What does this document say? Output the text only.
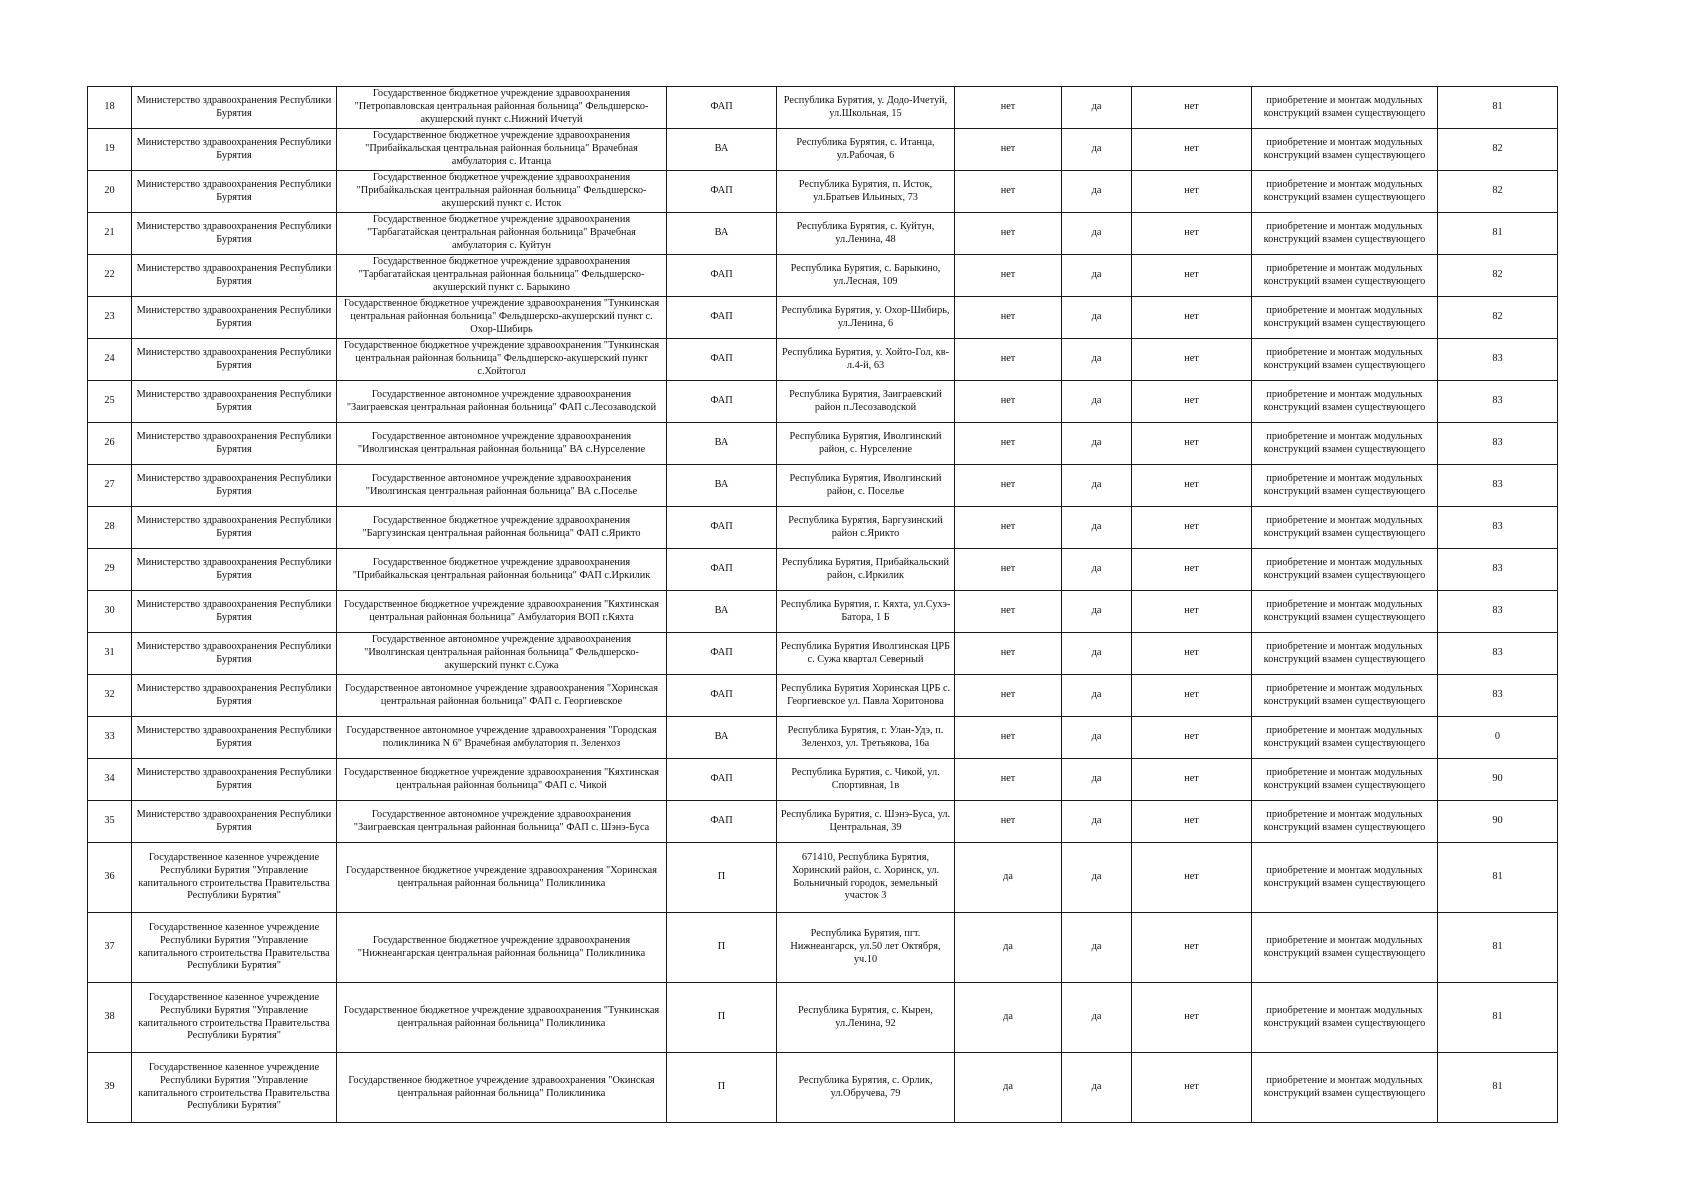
18	Министерство здравоохранения Республики Бурятия	Государственное бюджетное учреждение здравоохранения "Петропавловская центральная районная больница" Фельдшерско-акушерский пункт с.Нижний Ичетуй	ФАП	Республика Бурятия, у. Додо-Ичетуй, ул.Школьная, 15	нет	да	нет	приобретение и монтаж модульных конструкций взамен существующего	81
19	Министерство здравоохранения Республики Бурятия	Государственное бюджетное учреждение здравоохранения "Прибайкальская центральная районная больница" Врачебная амбулатория с. Итанца	ВА	Республика Бурятия, с. Итанца, ул.Рабочая, 6	нет	да	нет	приобретение и монтаж модульных конструкций взамен существующего	82
20	Министерство здравоохранения Республики Бурятия	Государственное бюджетное учреждение здравоохранения "Прибайкальская центральная районная больница" Фельдшерско-акушерский пункт с. Исток	ФАП	Республика Бурятия, п. Исток, ул.Братьев Ильиных, 73	нет	да	нет	приобретение и монтаж модульных конструкций взамен существующего	82
21	Министерство здравоохранения Республики Бурятия	Государственное бюджетное учреждение здравоохранения "Тарбагатайская центральная районная больница" Врачебная амбулатория с. Куйтун	ВА	Республика Бурятия, с. Куйтун, ул.Ленина, 48	нет	да	нет	приобретение и монтаж модульных конструкций взамен существующего	81
22	Министерство здравоохранения Республики Бурятия	Государственное бюджетное учреждение здравоохранения "Тарбагатайская центральная районная больница" Фельдшерско-акушерский пункт с. Барыкино	ФАП	Республика Бурятия, с. Барыкино, ул.Лесная, 109	нет	да	нет	приобретение и монтаж модульных конструкций взамен существующего	82
23	Министерство здравоохранения Республики Бурятия	Государственное бюджетное учреждение здравоохранения "Тункинская центральная районная больница" Фельдшерско-акушерский пункт с. Охор-Шибирь	ФАП	Республика Бурятия, у. Охор-Шибирь, ул.Ленина, 6	нет	да	нет	приобретение и монтаж модульных конструкций взамен существующего	82
24	Министерство здравоохранения Республики Бурятия	Государственное бюджетное учреждение здравоохранения "Тункинская центральная районная больница" Фельдшерско-акушерский пункт с.Хойтогол	ФАП	Республика Бурятия, у. Хойто-Гол, кв-л.4-й, 63	нет	да	нет	приобретение и монтаж модульных конструкций взамен существующего	83
25	Министерство здравоохранения Республики Бурятия	Государственное автономное учреждение здравоохранения "Заиграевская центральная районная больница" ФАП с.Лесозаводской	ФАП	Республика Бурятия, Заиграевский район п.Лесозаводской	нет	да	нет	приобретение и монтаж модульных конструкций взамен существующего	83
26	Министерство здравоохранения Республики Бурятия	Государственное автономное учреждение здравоохранения "Иволгинская центральная районная больница" ВА с.Нурселение	ВА	Республика Бурятия, Иволгинский район, с. Нурселение	нет	да	нет	приобретение и монтаж модульных конструкций взамен существующего	83
27	Министерство здравоохранения Республики Бурятия	Государственное автономное учреждение здравоохранения "Иволгинская центральная районная больница" ВА с.Поселье	ВА	Республика Бурятия, Иволгинский район, с. Поселье	нет	да	нет	приобретение и монтаж модульных конструкций взамен существующего	83
28	Министерство здравоохранения Республики Бурятия	Государственное бюджетное учреждение здравоохранения "Баргузинская центральная районная больница" ФАП с.Ярикто	ФАП	Республика Бурятия, Баргузинский район с.Ярикто	нет	да	нет	приобретение и монтаж модульных конструкций взамен существующего	83
29	Министерство здравоохранения Республики Бурятия	Государственное бюджетное учреждение здравоохранения "Прибайкальская центральная районная больница" ФАП с.Иркилик	ФАП	Республика Бурятия, Прибайкальский район, с.Иркилик	нет	да	нет	приобретение и монтаж модульных конструкций взамен существующего	83
30	Министерство здравоохранения Республики Бурятия	Государственное бюджетное учреждение здравоохранения "Кяхтинская центральная районная больница" Амбулатория ВОП г.Кяхта	ВА	Республика Бурятия, г. Кяхта, ул.Сухэ-Батора, 1 Б	нет	да	нет	приобретение и монтаж модульных конструкций взамен существующего	83
31	Министерство здравоохранения Республики Бурятия	Государственное автономное учреждение здравоохранения "Иволгинская центральная районная больница" Фельдшерско-акушерский пункт с.Сужа	ФАП	Республика Бурятия Иволгинская ЦРБ с. Сужа квартал Северный	нет	да	нет	приобретение и монтаж модульных конструкций взамен существующего	83
32	Министерство здравоохранения Республики Бурятия	Государственное автономное учреждение здравоохранения "Хоринская центральная районная больница" ФАП с. Георгиевское	ФАП	Республика Бурятия Хоринская ЦРБ с. Георгиевское ул. Павла Хоритонова	нет	да	нет	приобретение и монтаж модульных конструкций взамен существующего	83
33	Министерство здравоохранения Республики Бурятия	Государственное автономное учреждение здравоохранения "Городская поликлиника N 6" Врачебная амбулатория п. Зеленхоз	ВА	Республика Бурятия, г. Улан-Удэ, п. Зеленхоз, ул. Третьякова, 16а	нет	да	нет	приобретение и монтаж модульных конструкций взамен существующего	0
34	Министерство здравоохранения Республики Бурятия	Государственное бюджетное учреждение здравоохранения "Кяхтинская центральная районная больница" ФАП с. Чикой	ФАП	Республика Бурятия, с. Чикой, ул. Спортивная, 1в	нет	да	нет	приобретение и монтаж модульных конструкций взамен существующего	90
35	Министерство здравоохранения Республики Бурятия	Государственное автономное учреждение здравоохранения "Заиграевская центральная районная больница" ФАП с. Шэнэ-Буса	ФАП	Республика Бурятия, с. Шэнэ-Буса, ул. Центральная, 39	нет	да	нет	приобретение и монтаж модульных конструкций взамен существующего	90
36	Государственное казенное учреждение Республики Бурятия "Управление капитального строительства Правительства Республики Бурятия"	Государственное бюджетное учреждение здравоохранения "Хоринская центральная районная больница" Поликлиника	П	671410, Республика Бурятия, Хоринский район, с. Хоринск, ул. Больничный городок, земельный участок 3	да	да	нет	приобретение и монтаж модульных конструкций взамен существующего	81
37	Государственное казенное учреждение Республики Бурятия "Управление капитального строительства Правительства Республики Бурятия"	Государственное бюджетное учреждение здравоохранения "Нижнеангарская центральная районная больница" Поликлиника	П	Республика Бурятия, пгт. Нижнеангарск, ул.50 лет Октября, уч.10	да	да	нет	приобретение и монтаж модульных конструкций взамен существующего	81
38	Государственное казенное учреждение Республики Бурятия "Управление капитального строительства Правительства Республики Бурятия"	Государственное бюджетное учреждение здравоохранения "Тункинская центральная районная больница" Поликлиника	П	Республика Бурятия, с. Кырен, ул.Ленина, 92	да	да	нет	приобретение и монтаж модульных конструкций взамен существующего	81
39	Государственное казенное учреждение Республики Бурятия "Управление капитального строительства Правительства Республики Бурятия"	Государственное бюджетное учреждение здравоохранения "Окинская центральная районная больница" Поликлиника	П	Республика Бурятия, с. Орлик, ул.Обручева, 79	да	да	нет	приобретение и монтаж модульных конструкций взамен существующего	81
